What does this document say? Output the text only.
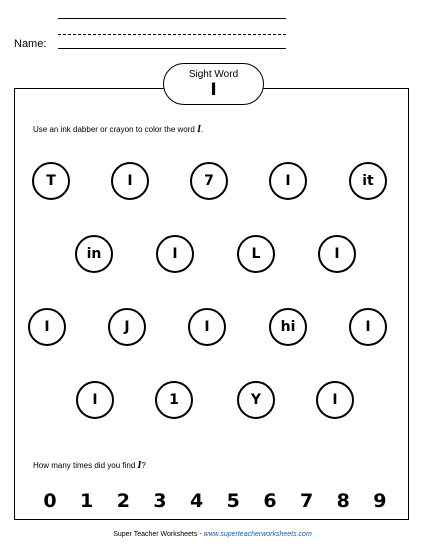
Name:
Sight Word
I
Use an ink dabber or crayon to color the word I.
T	I	7	I	it
in	I	L	I
I	J	I	hi	I
I	1	Y	I
How many times did you find I?
0 1 2 3 4 5 6 7 8 9
Super Teacher Worksheets - www.superteacherworksheets.com
